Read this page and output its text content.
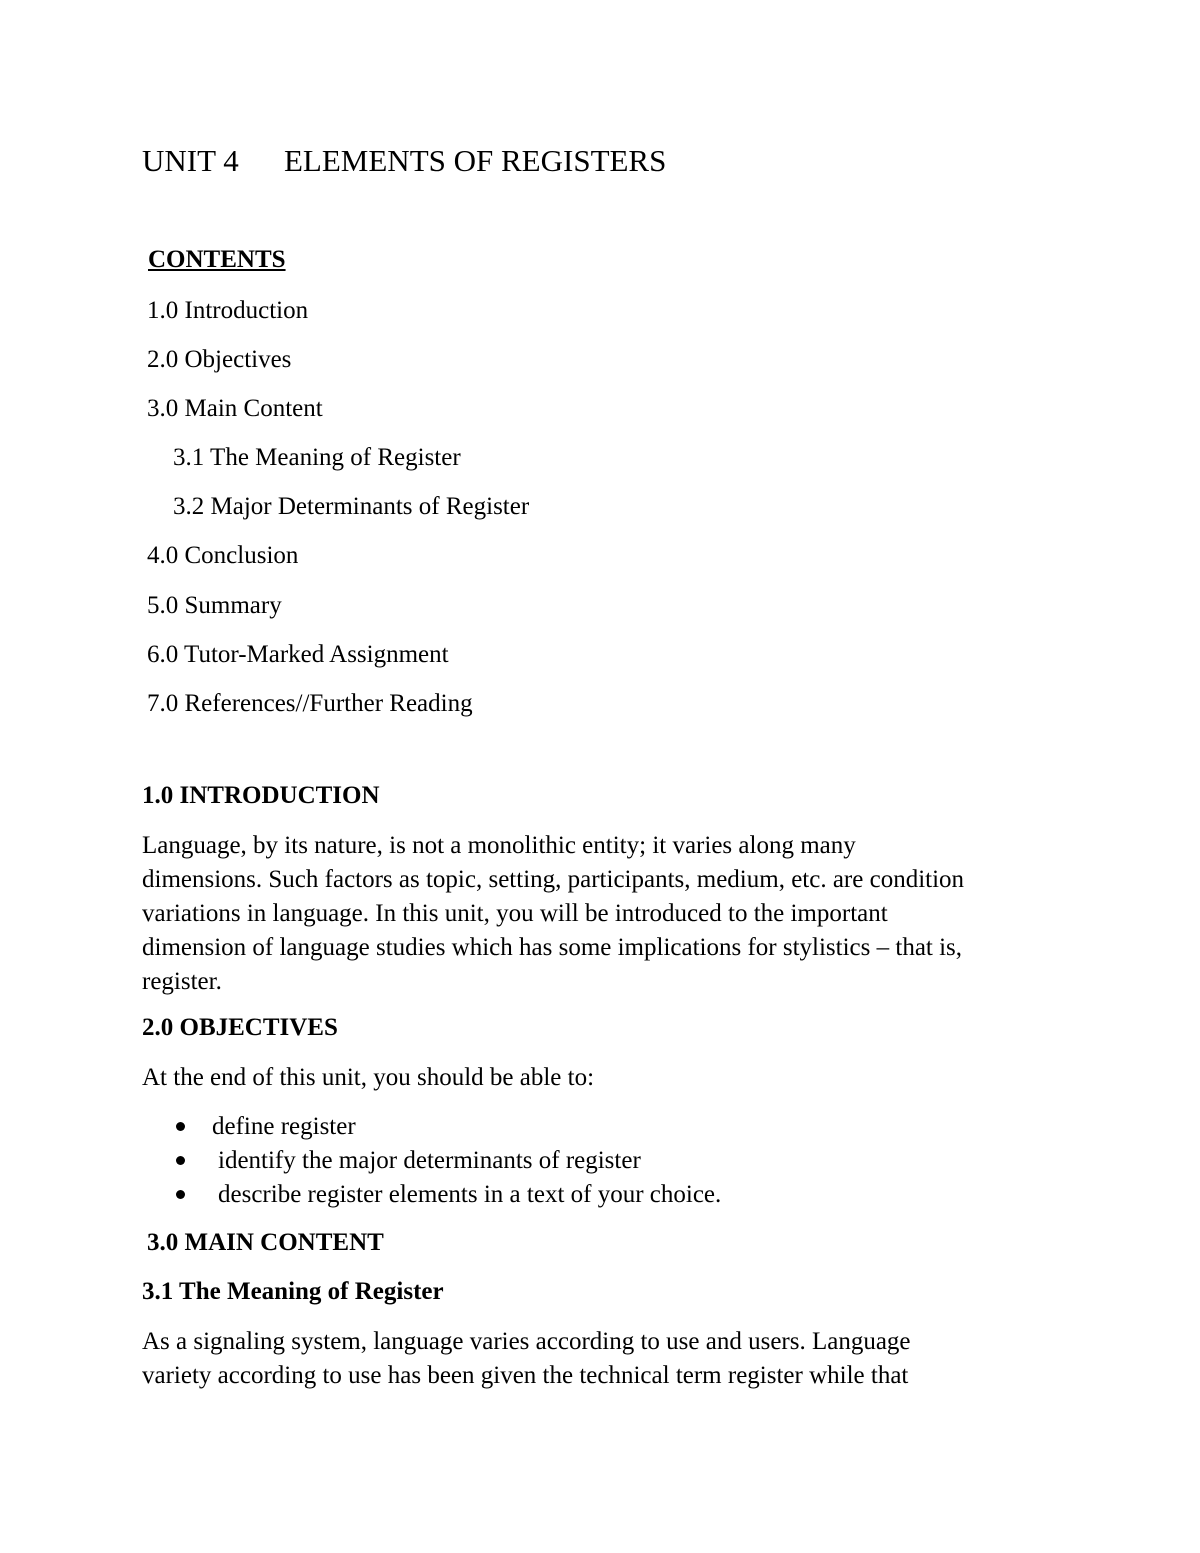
UNIT 4 ELEMENTS OF REGISTERS
CONTENTS
1.0 Introduction
2.0 Objectives
3.0 Main Content
3.1 The Meaning of Register
3.2 Major Determinants of Register
4.0 Conclusion
5.0 Summary
6.0 Tutor-Marked Assignment
7.0 References//Further Reading
1.0 INTRODUCTION
Language, by its nature, is not a monolithic entity; it varies along many
dimensions. Such factors as topic, setting, participants, medium, etc. are condition
variations in language. In this unit, you will be introduced to the important
dimension of language studies which has some implications for stylistics – that is,
register.
2.0 OBJECTIVES
At the end of this unit, you should be able to:
define register
identify the major determinants of register
describe register elements in a text of your choice.
3.0 MAIN CONTENT
3.1 The Meaning of Register
As a signaling system, language varies according to use and users. Language
variety according to use has been given the technical term register while that
